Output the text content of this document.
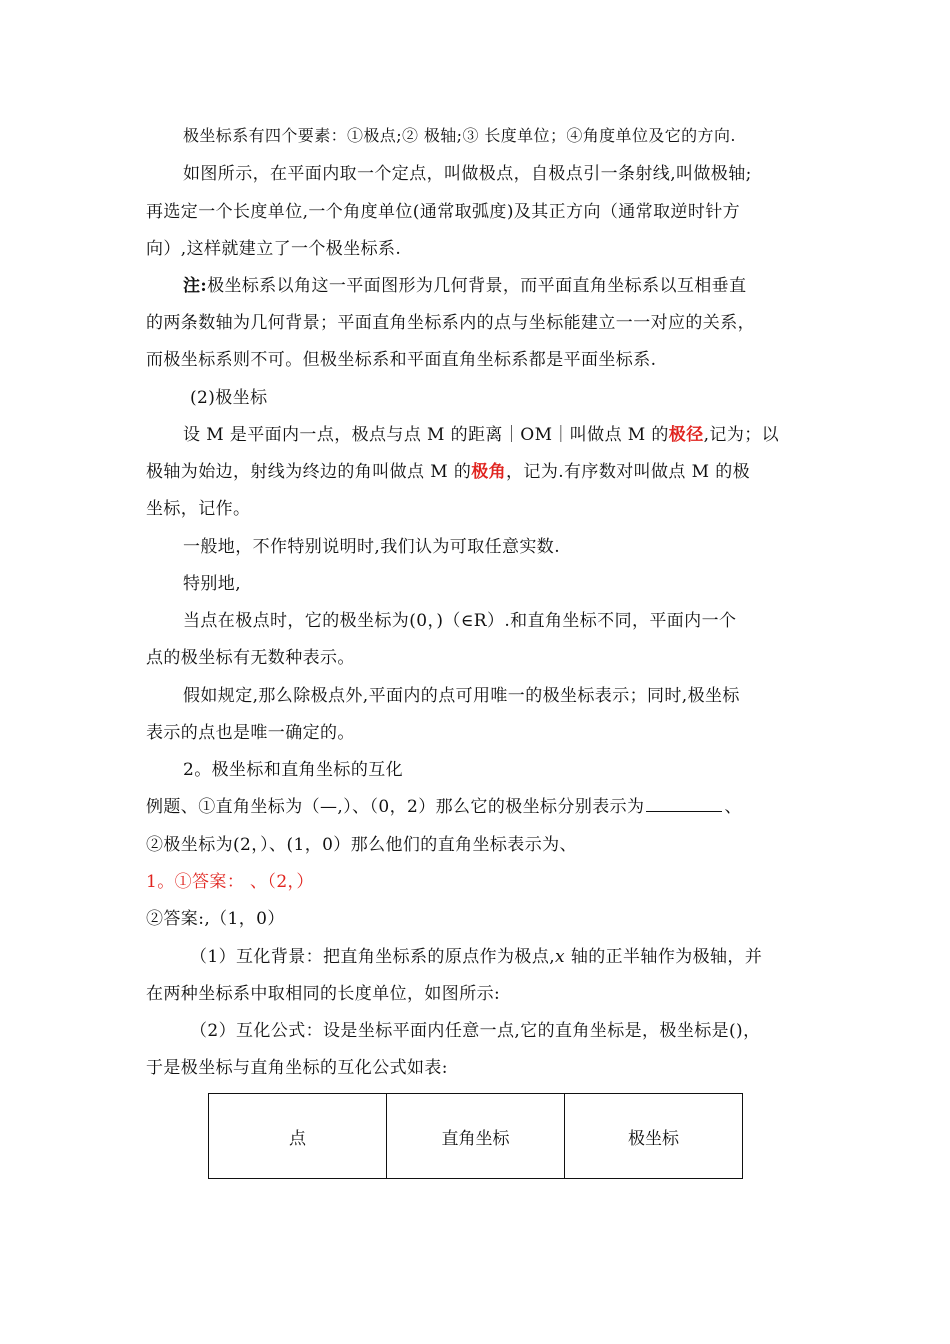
极坐标系有四个要素：①极点;② 极轴;③ 长度单位；④角度单位及它的方向.
如图所示，在平面内取一个定点，叫做极点，自极点引一条射线,叫做极轴;
再选定一个长度单位,一个角度单位(通常取弧度)及其正方向（通常取逆时针方
向）,这样就建立了一个极坐标系.
注:极坐标系以角这一平面图形为几何背景，而平面直角坐标系以互相垂直
的两条数轴为几何背景；平面直角坐标系内的点与坐标能建立一一对应的关系，
而极坐标系则不可。但极坐标系和平面直角坐标系都是平面坐标系.
(2)极坐标
设 M 是平面内一点，极点与点 M 的距离｜OM｜叫做点 M 的极径,记为；以
极轴为始边，射线为终边的角叫做点 M 的极角，记为.有序数对叫做点 M 的极
坐标，记作。
一般地，不作特别说明时,我们认为可取任意实数.
特别地,
当点在极点时，它的极坐标为(0，)（∈R）.和直角坐标不同，平面内一个
点的极坐标有无数种表示。
假如规定,那么除极点外,平面内的点可用唯一的极坐标表示；同时,极坐标
表示的点也是唯一确定的。
2。极坐标和直角坐标的互化
例题、①直角坐标为（—,）、（0，2）那么它的极坐标分别表示为	、
②极坐标为(2，）、(1，0）那么他们的直角坐标表示为、
1。①答案： 、（2，）
②答案:,（1，0）
（1）互化背景：把直角坐标系的原点作为极点,x 轴的正半轴作为极轴，并
在两种坐标系中取相同的长度单位，如图所示:
（2）互化公式：设是坐标平面内任意一点,它的直角坐标是，极坐标是()，
于是极坐标与直角坐标的互化公式如表:
点	直角坐标	极坐标
